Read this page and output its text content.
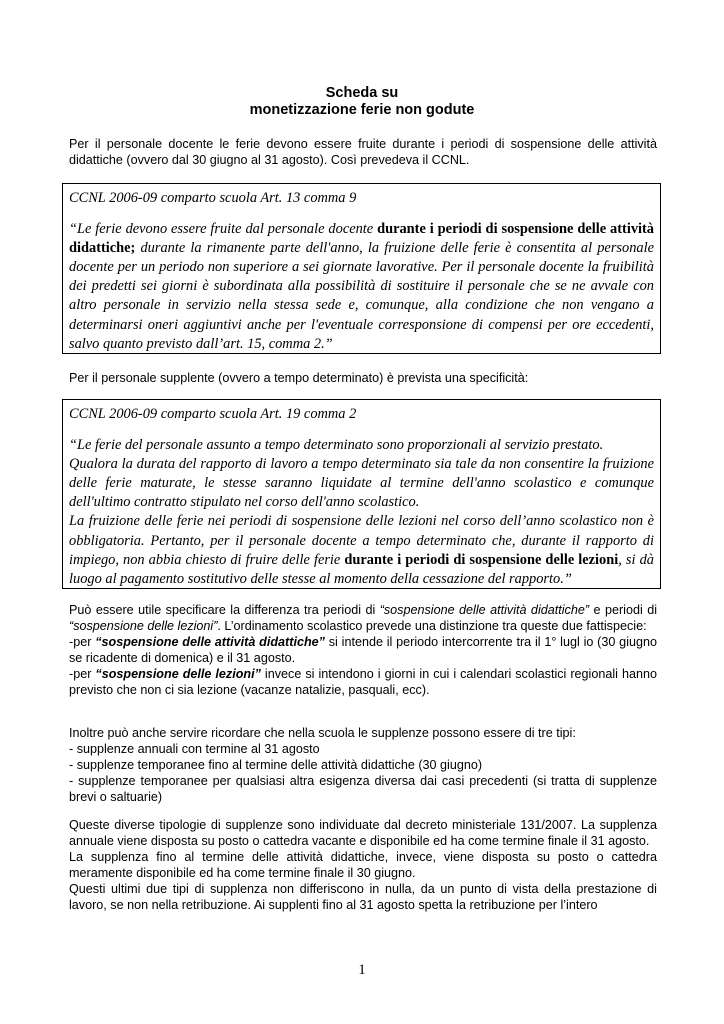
Scheda su
monetizzazione ferie non godute
Per il personale docente le ferie devono essere fruite durante i periodi di sospensione delle attività didattiche (ovvero dal 30 giugno al 31 agosto). Così prevedeva il CCNL.
CCNL 2006-09 comparto scuola Art. 13 comma 9
“Le ferie devono essere fruite dal personale docente durante i periodi di sospensione delle attività didattiche; durante la rimanente parte dell'anno, la fruizione delle ferie è consentita al personale docente per un periodo non superiore a sei giornate lavorative. Per il personale docente la fruibilità dei predetti sei giorni è subordinata alla possibilità di sostituire il personale che se ne avvale con altro personale in servizio nella stessa sede e, comunque, alla condizione che non vengano a determinarsi oneri aggiuntivi anche per l'eventuale corresponsione di compensi per ore eccedenti, salvo quanto previsto dall’art. 15, comma 2.”
Per il personale supplente (ovvero a tempo determinato) è prevista una specificità:
CCNL 2006-09 comparto scuola Art. 19 comma 2

“Le ferie del personale assunto a tempo determinato sono proporzionali al servizio prestato.

Qualora la durata del rapporto di lavoro a tempo determinato sia tale da non consentire la fruizione delle ferie maturate, le stesse saranno liquidate al termine dell'anno scolastico e comunque dell'ultimo contratto stipulato nel corso dell'anno scolastico.

La fruizione delle ferie nei periodi di sospensione delle lezioni nel corso dell’anno scolastico non è obbligatoria. Pertanto, per il personale docente a tempo determinato che, durante il rapporto di impiego, non abbia chiesto di fruire delle ferie durante i periodi di sospensione delle lezioni, si dà luogo al pagamento sostitutivo delle stesse al momento della cessazione del rapporto.”

Può essere utile specificare la differenza tra periodi di “sospensione delle attività didattiche” e periodi di “sospensione delle lezioni”. L’ordinamento scolastico prevede una distinzione tra queste due fattispecie:
-per “sospensione delle attività didattiche” si intende il periodo intercorrente tra il 1° lugl io (30 giugno se ricadente di domenica) e il 31 agosto.
-per “sospensione delle lezioni” invece si intendono i giorni in cui i calendari scolastici regionali hanno previsto che non ci sia lezione (vacanze natalizie, pasquali, ecc).
Inoltre può anche servire ricordare che nella scuola le supplenze possono essere di tre tipi:
- supplenze annuali con termine al 31 agosto
- supplenze temporanee fino al termine delle attività didattiche (30 giugno)
- supplenze temporanee per qualsiasi altra esigenza diversa dai casi precedenti (si tratta di supplenze brevi o saltuarie)
Queste diverse tipologie di supplenze sono individuate dal decreto ministeriale 131/2007. La supplenza annuale viene disposta su posto o cattedra vacante e disponibile ed ha come termine finale il 31 agosto.
La supplenza fino al termine delle attività didattiche, invece, viene disposta su posto o cattedra meramente disponibile ed ha come termine finale il 30 giugno.
Questi ultimi due tipi di supplenza non differiscono in nulla, da un punto di vista della prestazione di lavoro, se non nella retribuzione. Ai supplenti fino al 31 agosto spetta la retribuzione per l’intero
1
